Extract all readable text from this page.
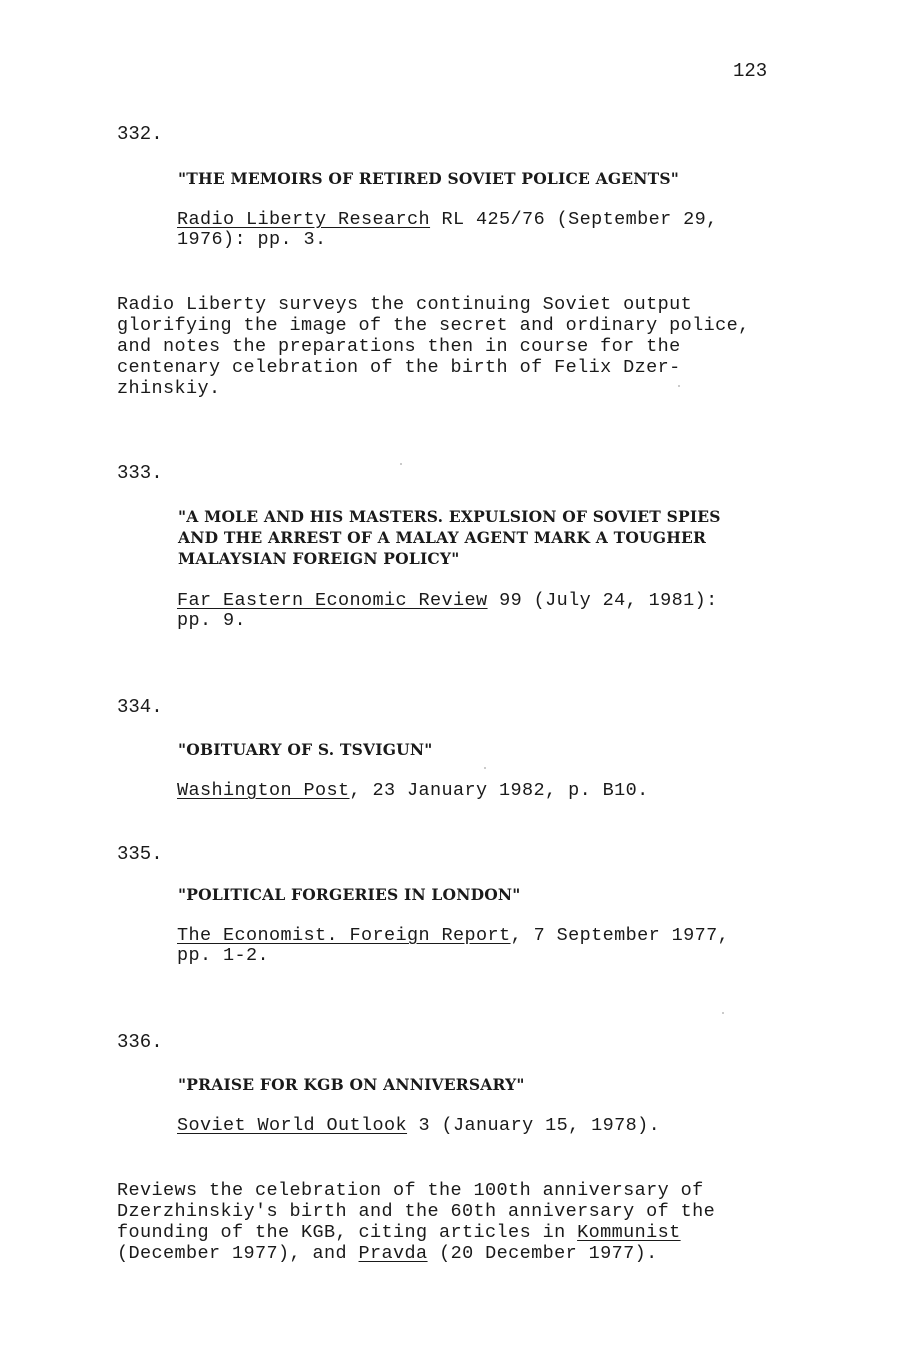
123
332.
"THE MEMOIRS OF RETIRED SOVIET POLICE AGENTS"
Radio Liberty Research RL 425/76 (September 29,
1976): pp. 3.
Radio Liberty surveys the continuing Soviet output
glorifying the image of the secret and ordinary police,
and notes the preparations then in course for the
centenary celebration of the birth of Felix Dzer-
zhinskiy.
333.
"A MOLE AND HIS MASTERS. EXPULSION OF SOVIET SPIES
AND THE ARREST OF A MALAY AGENT MARK A TOUGHER
MALAYSIAN FOREIGN POLICY"
Far Eastern Economic Review 99 (July 24, 1981):
pp. 9.
334.
"OBITUARY OF S. TSVIGUN"
Washington Post, 23 January 1982, p. B10.
335.
"POLITICAL FORGERIES IN LONDON"
The Economist. Foreign Report, 7 September 1977,
pp. 1-2.
336.
"PRAISE FOR KGB ON ANNIVERSARY"
Soviet World Outlook 3 (January 15, 1978).
Reviews the celebration of the 100th anniversary of
Dzerzhinskiy's birth and the 60th anniversary of the
founding of the KGB, citing articles in Kommunist
(December 1977), and Pravda (20 December 1977).
